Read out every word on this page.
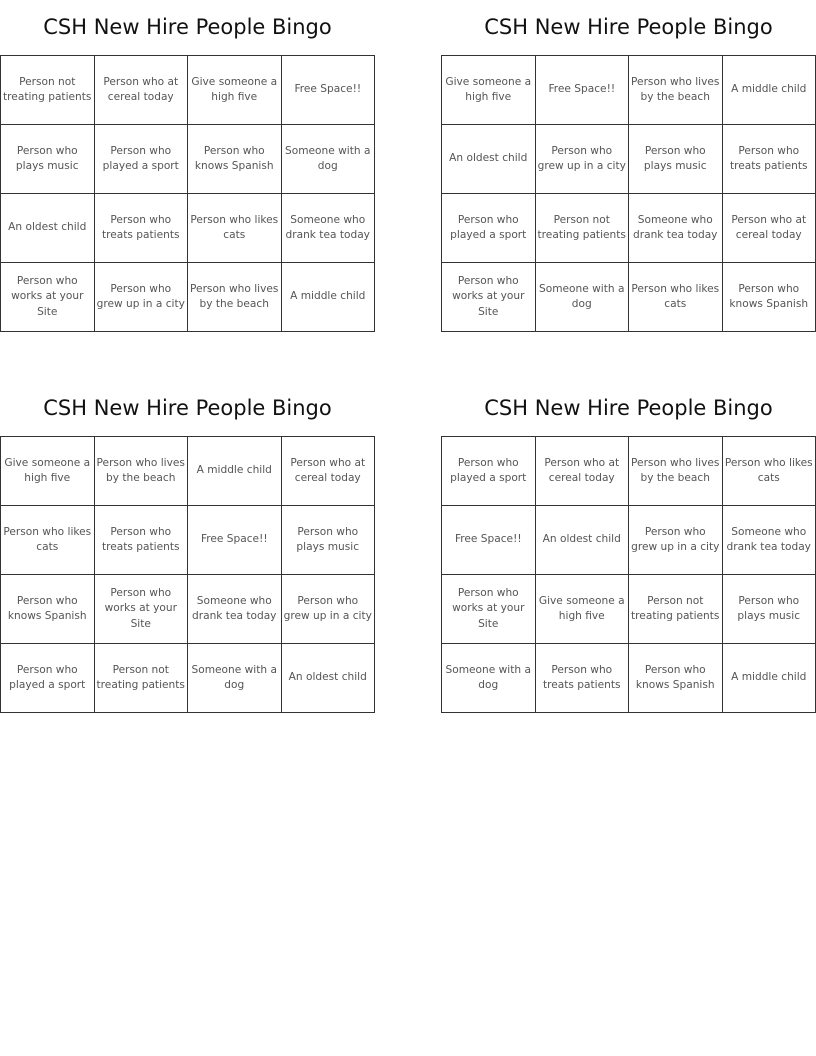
CSH New Hire People Bingo
Person not treating patients	Person who at cereal today	Give someone a high five	Free Space!!
Person who plays music	Person who played a sport	Person who knows Spanish	Someone with a dog
An oldest child	Person who treats patients	Person who likes cats	Someone who drank tea today
Person who works at your Site	Person who grew up in a city	Person who lives by the beach	A middle child
CSH New Hire People Bingo
Give someone a high five	Free Space!!	Person who lives by the beach	A middle child
An oldest child	Person who grew up in a city	Person who plays music	Person who treats patients
Person who played a sport	Person not treating patients	Someone who drank tea today	Person who at cereal today
Person who works at your Site	Someone with a dog	Person who likes cats	Person who knows Spanish
CSH New Hire People Bingo
Give someone a high five	Person who lives by the beach	A middle child	Person who at cereal today
Person who likes cats	Person who treats patients	Free Space!!	Person who plays music
Person who knows Spanish	Person who works at your Site	Someone who drank tea today	Person who grew up in a city
Person who played a sport	Person not treating patients	Someone with a dog	An oldest child
CSH New Hire People Bingo
Person who played a sport	Person who at cereal today	Person who lives by the beach	Person who likes cats
Free Space!!	An oldest child	Person who grew up in a city	Someone who drank tea today
Person who works at your Site	Give someone a high five	Person not treating patients	Person who plays music
Someone with a dog	Person who treats patients	Person who knows Spanish	A middle child
